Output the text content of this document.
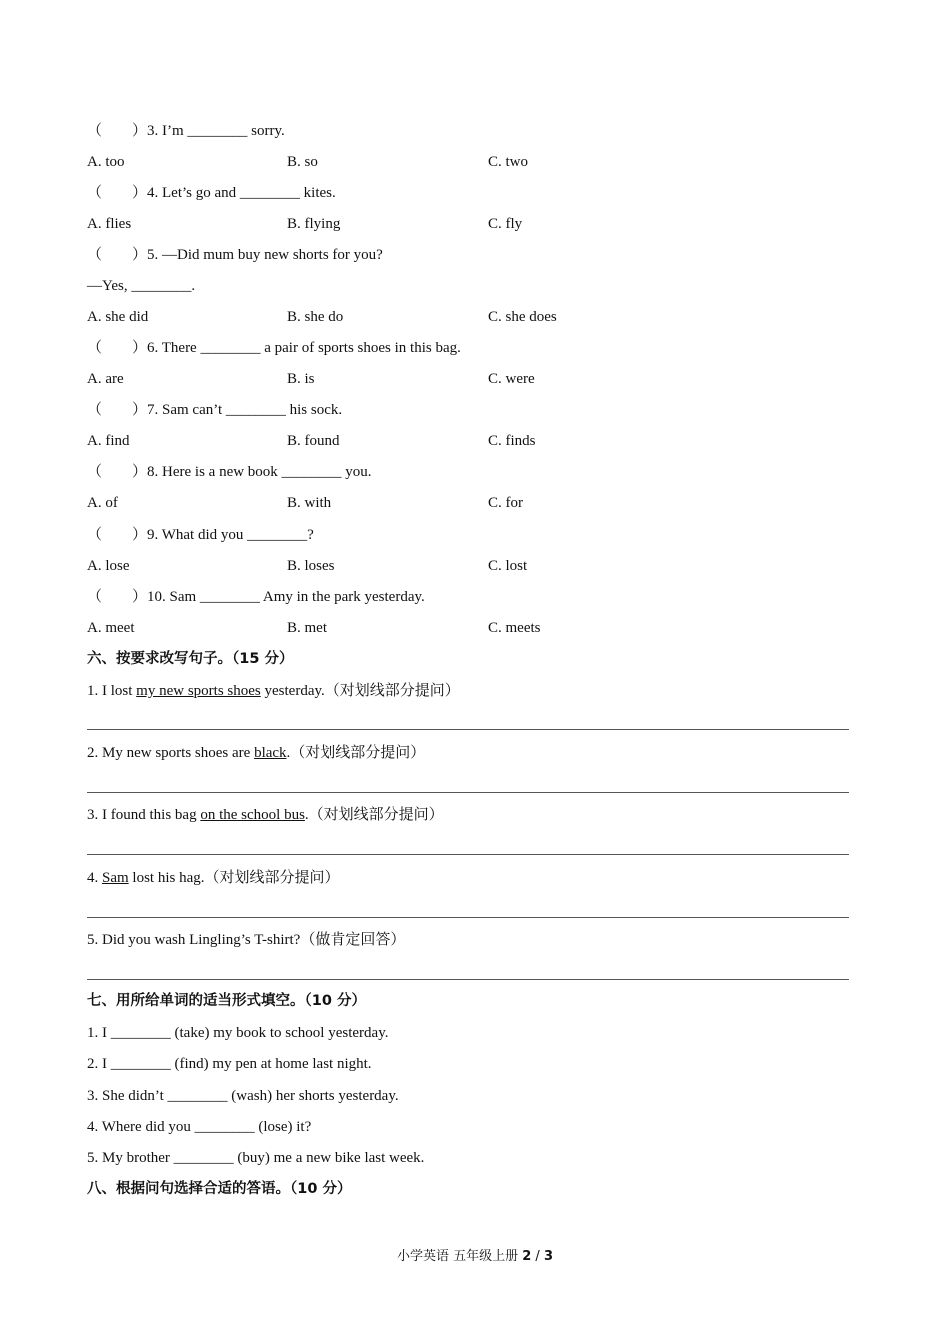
（　　）3. I’m ________ sorry.
A. too	B. so	C. two
（　　）4. Let’s go and ________ kites.
A. flies	B. flying	C. fly
（　　）5. —Did mum buy new shorts for you?
—Yes, ________.
A. she did	B. she do	C. she does
（　　）6. There ________ a pair of sports shoes in this bag.
A. are	B. is	C. were
（　　）7. Sam can’t ________ his sock.
A. find	B. found	C. finds
（　　）8. Here is a new book ________ you.
A. of	B. with	C. for
（　　）9. What did you ________?
A. lose	B. loses	C. lost
（　　）10. Sam ________ Amy in the park yesterday.
A. meet	B. met	C. meets
六、按要求改写句子。（15 分）
1. I lost my new sports shoes yesterday.（对划线部分提问）
2. My new sports shoes are black.（对划线部分提问）
3. I found this bag on the school bus.（对划线部分提问）
4. Sam lost his hag.（对划线部分提问）
5. Did you wash Lingling’s T-shirt?（做肯定回答）
七、用所给单词的适当形式填空。（10 分）
1. I ________ (take) my book to school yesterday.
2. I ________ (find) my pen at home last night.
3. She didn’t ________ (wash) her shorts yesterday.
4. Where did you ________ (lose) it?
5. My brother ________ (buy) me a new bike last week.
八、根据问句选择合适的答语。（10 分）
小学英语 五年级上册 2 / 3
